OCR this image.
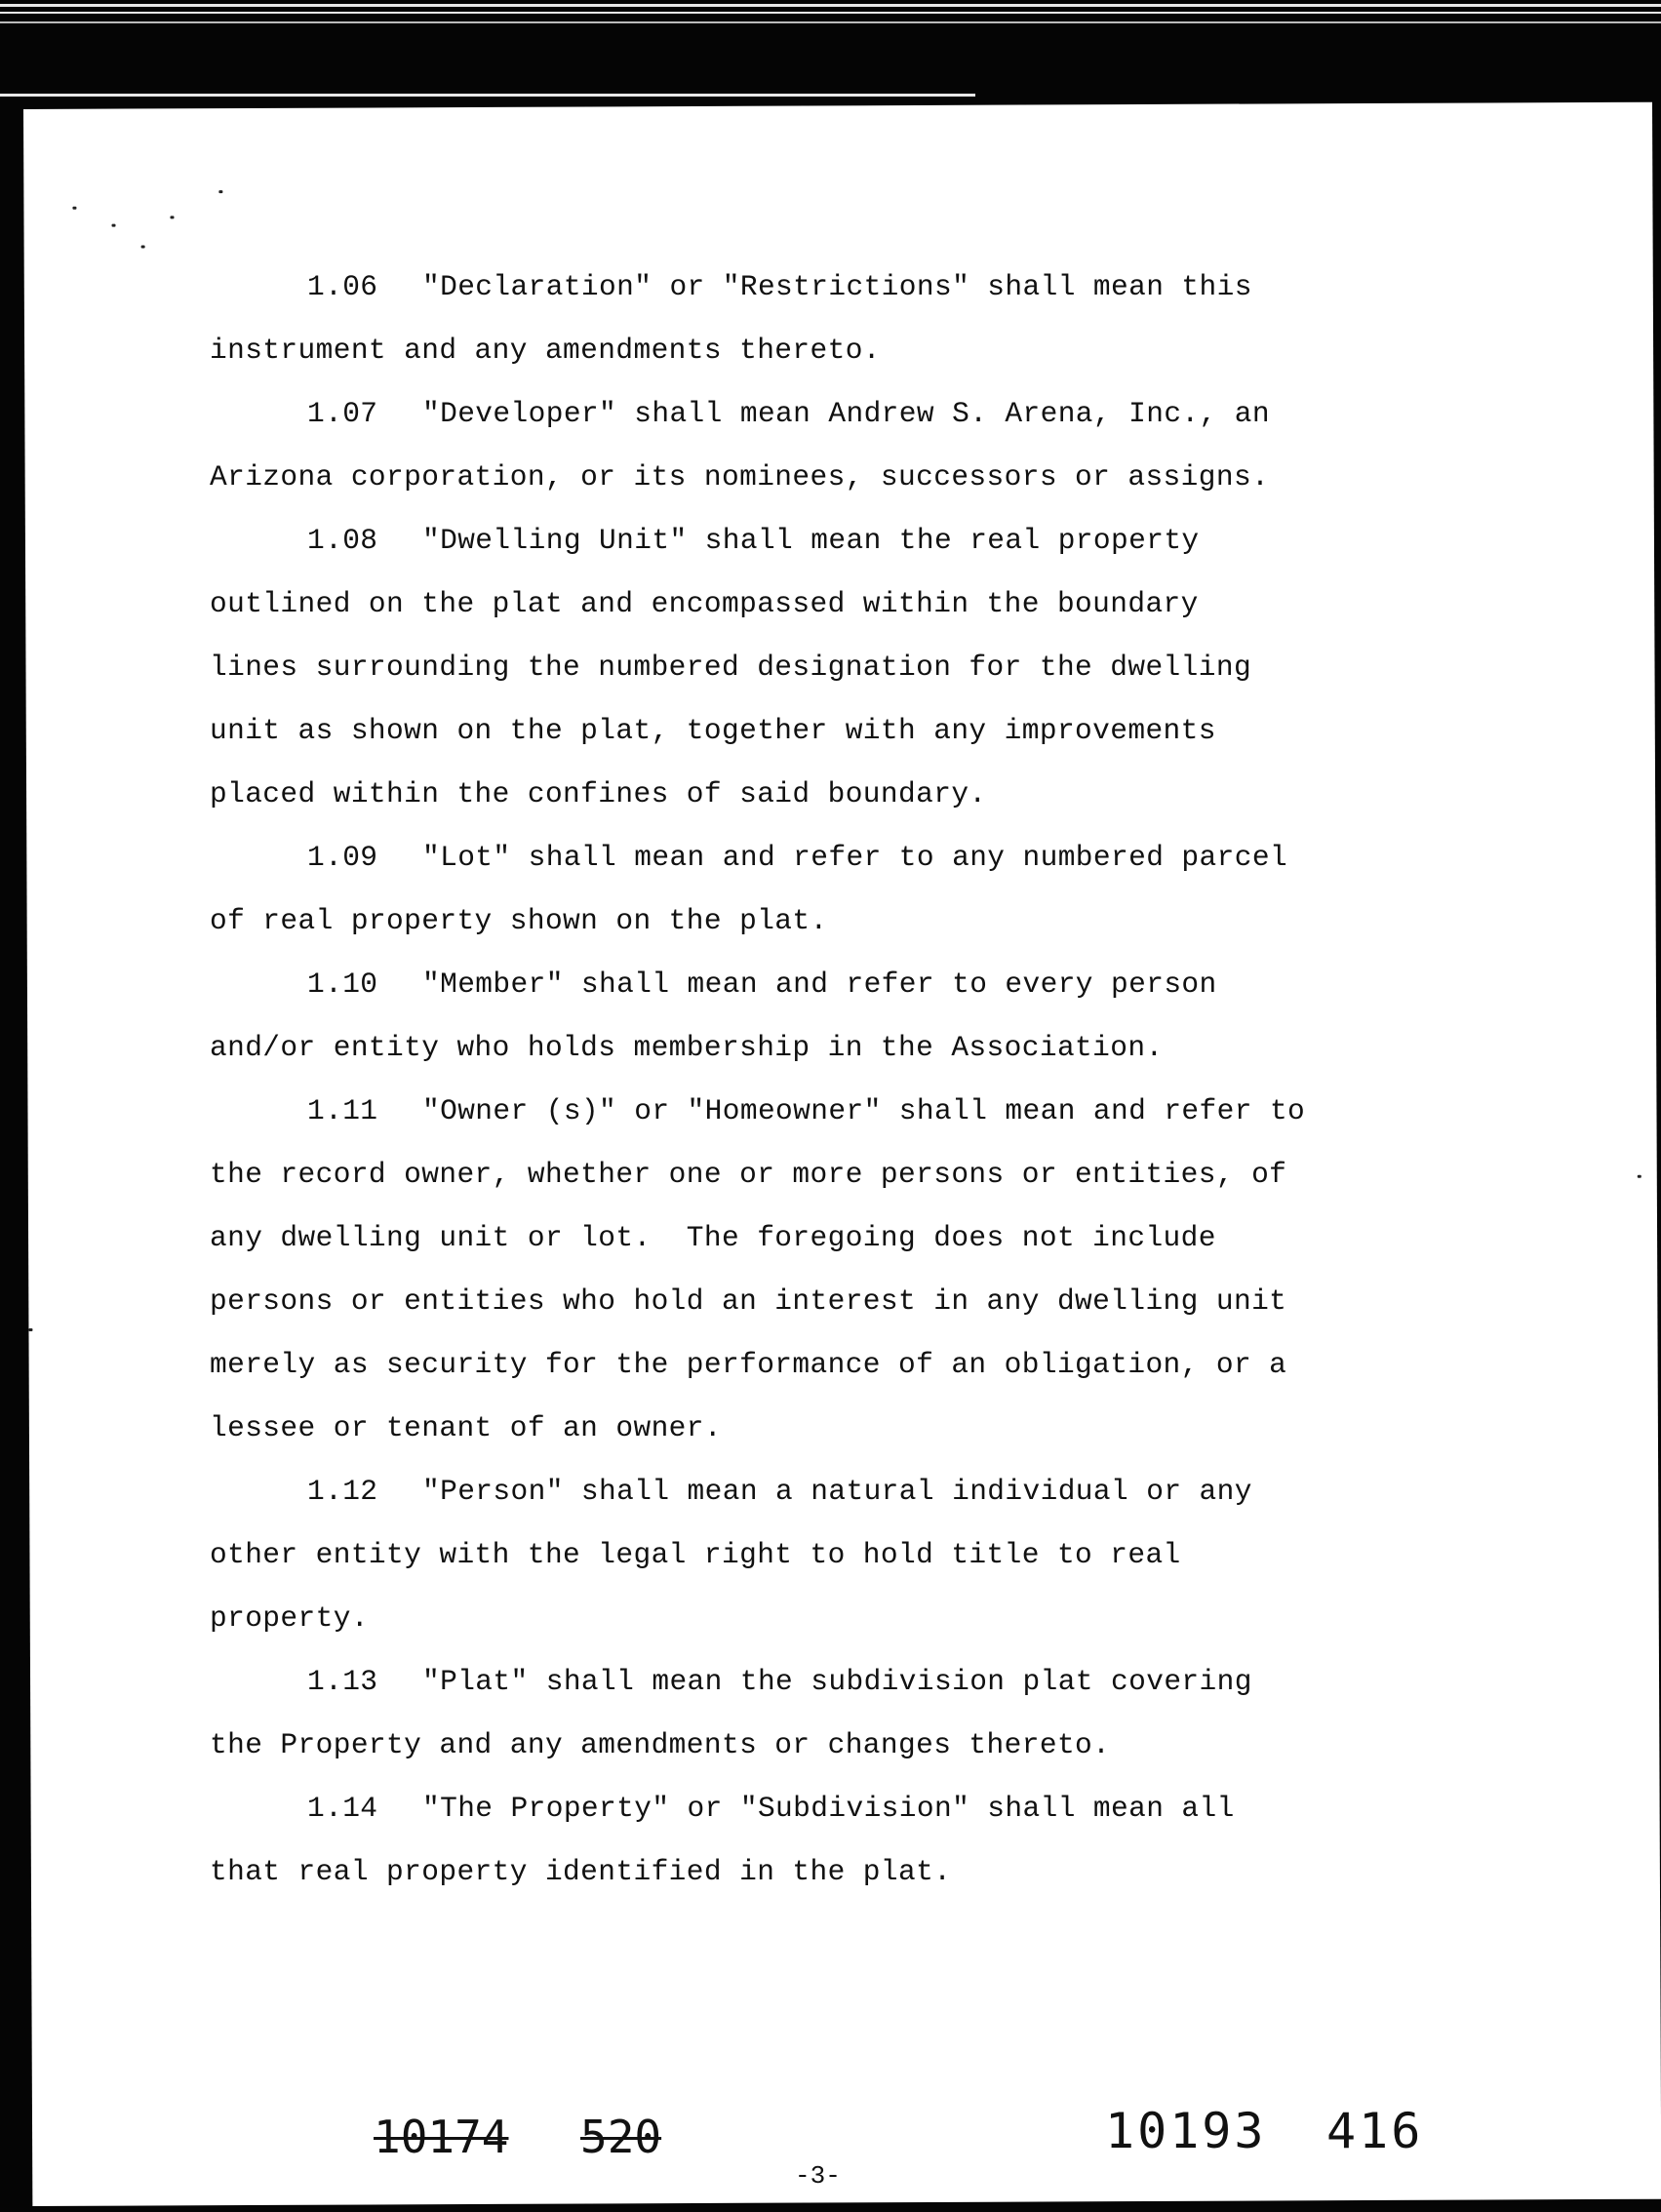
1.06 "Declaration" or "Restrictions" shall mean this
instrument and any amendments thereto.
1.07 "Developer" shall mean Andrew S. Arena, Inc., an
Arizona corporation, or its nominees, successors or assigns.
1.08 "Dwelling Unit" shall mean the real property
outlined on the plat and encompassed within the boundary
lines surrounding the numbered designation for the dwelling
unit as shown on the plat, together with any improvements
placed within the confines of said boundary.
1.09 "Lot" shall mean and refer to any numbered parcel
of real property shown on the plat.
1.10 "Member" shall mean and refer to every person
and/or entity who holds membership in the Association.
1.11 "Owner (s)" or "Homeowner" shall mean and refer to
the record owner, whether one or more persons or entities, of
any dwelling unit or lot.  The foregoing does not include
persons or entities who hold an interest in any dwelling unit
merely as security for the performance of an obligation, or a
lessee or tenant of an owner.
1.12 "Person" shall mean a natural individual or any
other entity with the legal right to hold title to real
property.
1.13 "Plat" shall mean the subdivision plat covering
the Property and any amendments or changes thereto.
1.14 "The Property" or "Subdivision" shall mean all
that real property identified in the plat.
10174 520	10193 416
-3-
